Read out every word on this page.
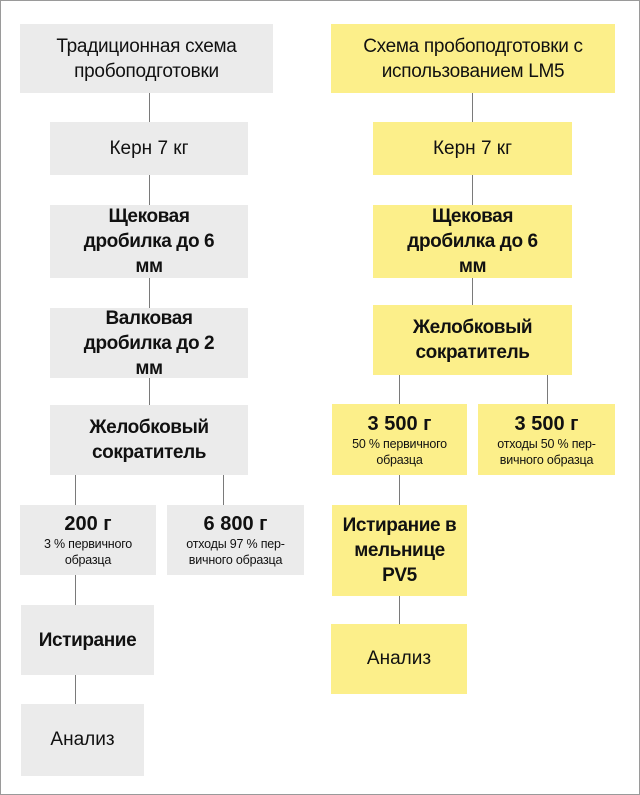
Традиционная схема пробоподготовки
Керн 7 кг
Щековая дробилка до 6 мм
Валковая дробилка до 2 мм
Желобковый сократитель
200 г
3 % первичного образца
6 800 г
отходы 97 % пер-вичного образца
Истирание
Анализ
Схема пробоподготовки с использованием LM5
Керн 7 кг
Щековая дробилка до 6 мм
Желобковый сократитель
3 500 г
50 % первичного образца
3 500 г
отходы 50 % пер-вичного образца
Истирание в мельнице PV5
Анализ
